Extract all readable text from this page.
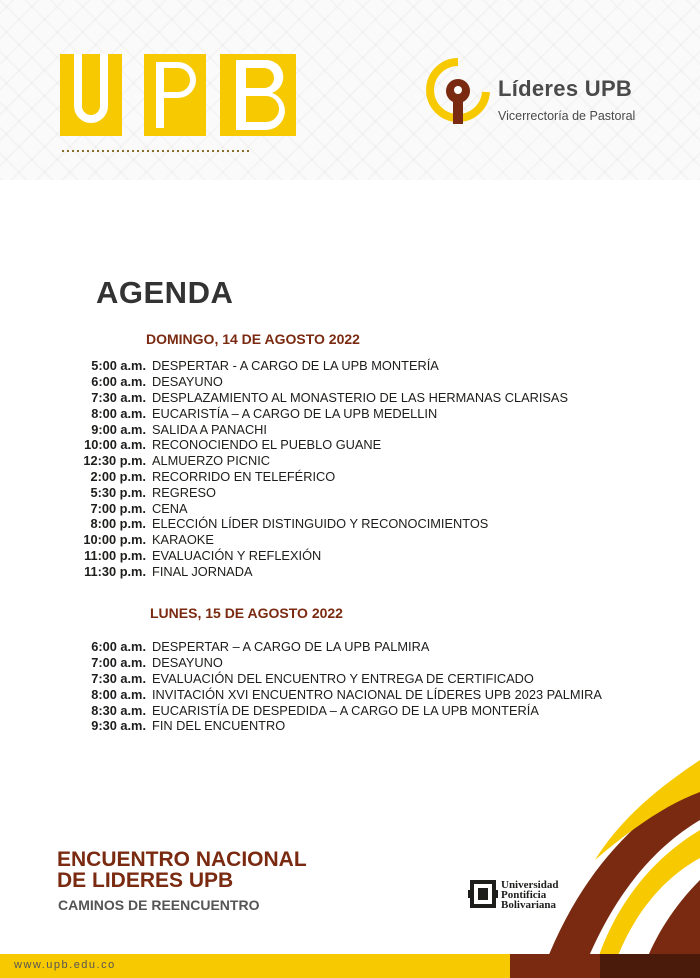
Líderes UPB
Vicerrectoría de Pastoral
AGENDA
DOMINGO, 14 DE AGOSTO 2022
5:00 a.m. DESPERTAR - A CARGO DE LA UPB MONTERÍA
6:00 a.m. DESAYUNO
7:30 a.m. DESPLAZAMIENTO AL MONASTERIO DE LAS HERMANAS CLARISAS
8:00 a.m. EUCARISTÍA – A CARGO DE LA UPB MEDELLIN
9:00 a.m. SALIDA A PANACHI
10:00 a.m. RECONOCIENDO EL PUEBLO GUANE
12:30 p.m. ALMUERZO PICNIC
2:00 p.m. RECORRIDO EN TELEFÉRICO
5:30 p.m. REGRESO
7:00 p.m. CENA
8:00 p.m. ELECCIÓN LÍDER DISTINGUIDO Y RECONOCIMIENTOS
10:00 p.m. KARAOKE
11:00 p.m. EVALUACIÓN Y REFLEXIÓN
11:30 p.m. FINAL JORNADA
LUNES, 15 DE AGOSTO 2022
6:00 a.m. DESPERTAR – A CARGO DE LA UPB PALMIRA
7:00 a.m. DESAYUNO
7:30 a.m. EVALUACIÓN DEL ENCUENTRO Y ENTREGA DE CERTIFICADO
8:00 a.m. INVITACIÓN XVI ENCUENTRO NACIONAL DE LÍDERES UPB 2023 PALMIRA
8:30 a.m. EUCARISTÍA DE DESPEDIDA – A CARGO DE LA UPB MONTERÍA
9:30 a.m. FIN DEL ENCUENTRO
ENCUENTRO NACIONAL
DE LIDERES UPB
CAMINOS DE REENCUENTRO
Universidad
Pontificia
Bolivariana
www.upb.edu.co
